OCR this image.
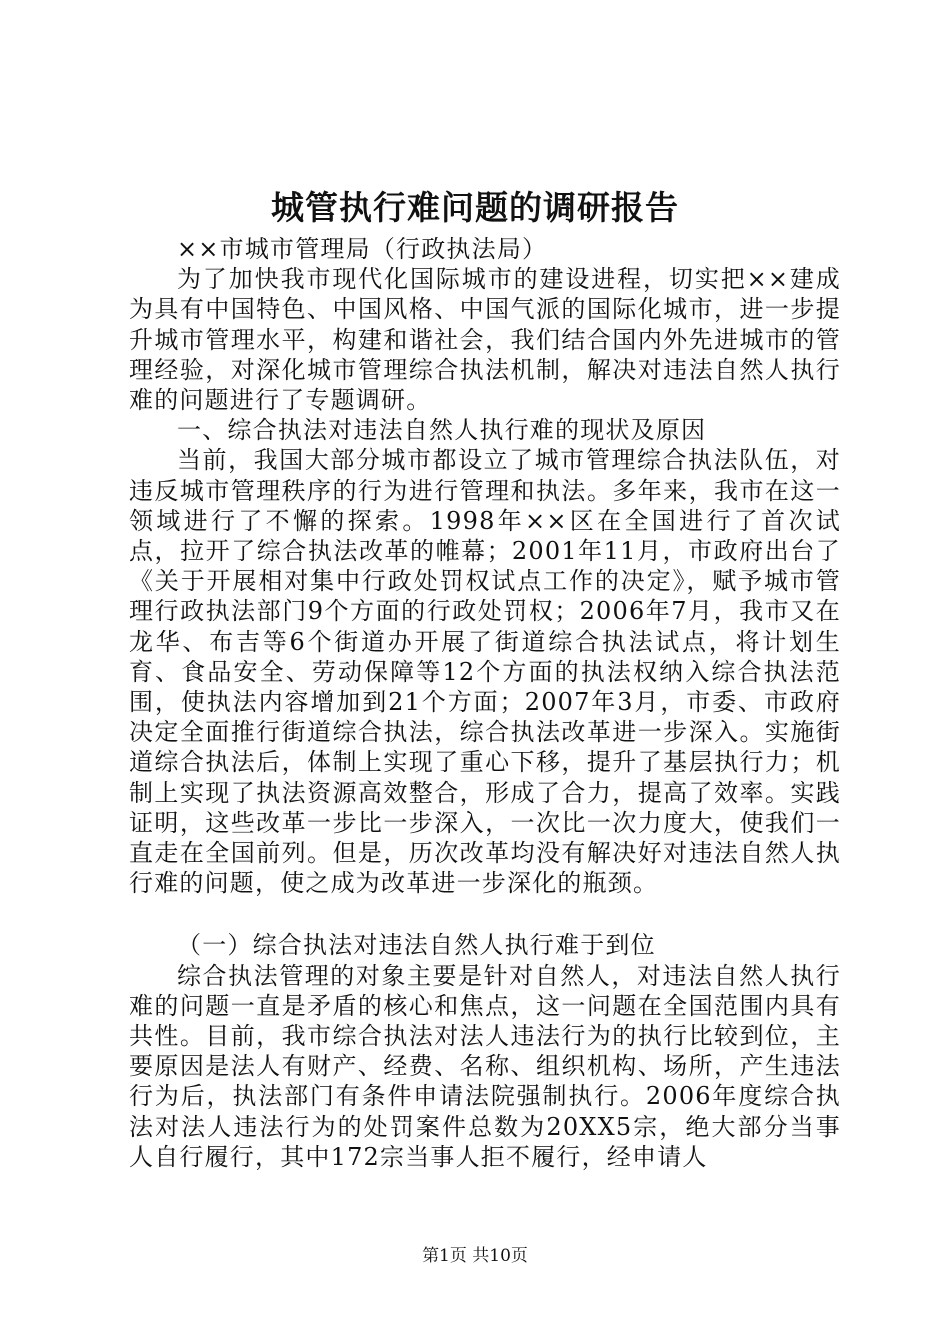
城管执行难问题的调研报告

××市城市管理局（行政执法局）

为了加快我市现代化国际城市的建设进程，切实把××建成为具有中国特色、中国风格、中国气派的国际化城市，进一步提升城市管理水平，构建和谐社会，我们结合国内外先进城市的管理经验，对深化城市管理综合执法机制，解决对违法自然人执行难的问题进行了专题调研。

一、综合执法对违法自然人执行难的现状及原因

当前，我国大部分城市都设立了城市管理综合执法队伍，对违反城市管理秩序的行为进行管理和执法。多年来，我市在这一领域进行了不懈的探索。1998年××区在全国进行了首次试点，拉开了综合执法改革的帷幕；2001年11月，市政府出台了《关于开展相对集中行政处罚权试点工作的决定》，赋予城市管理行政执法部门9个方面的行政处罚权；2006年7月，我市又在龙华、布吉等6个街道办开展了街道综合执法试点，将计划生育、食品安全、劳动保障等12个方面的执法权纳入综合执法范围，使执法内容增加到21个方面；2007年3月，市委、市政府决定全面推行街道综合执法，综合执法改革进一步深入。实施街道综合执法后，体制上实现了重心下移，提升了基层执行力；机制上实现了执法资源高效整合，形成了合力，提高了效率。实践证明，这些改革一步比一步深入，一次比一次力度大，使我们一直走在全国前列。但是，历次改革均没有解决好对违法自然人执行难的问题，使之成为改革进一步深化的瓶颈。

（一）综合执法对违法自然人执行难于到位

综合执法管理的对象主要是针对自然人，对违法自然人执行难的问题一直是矛盾的核心和焦点，这一问题在全国范围内具有共性。目前，我市综合执法对法人违法行为的执行比较到位，主要原因是法人有财产、经费、名称、组织机构、场所，产生违法行为后，执法部门有条件申请法院强制执行。2006年度综合执法对法人违法行为的处罚案件总数为20XX5宗，绝大部分当事人自行履行，其中172宗当事人拒不履行，经申请人

第1页 共10页
